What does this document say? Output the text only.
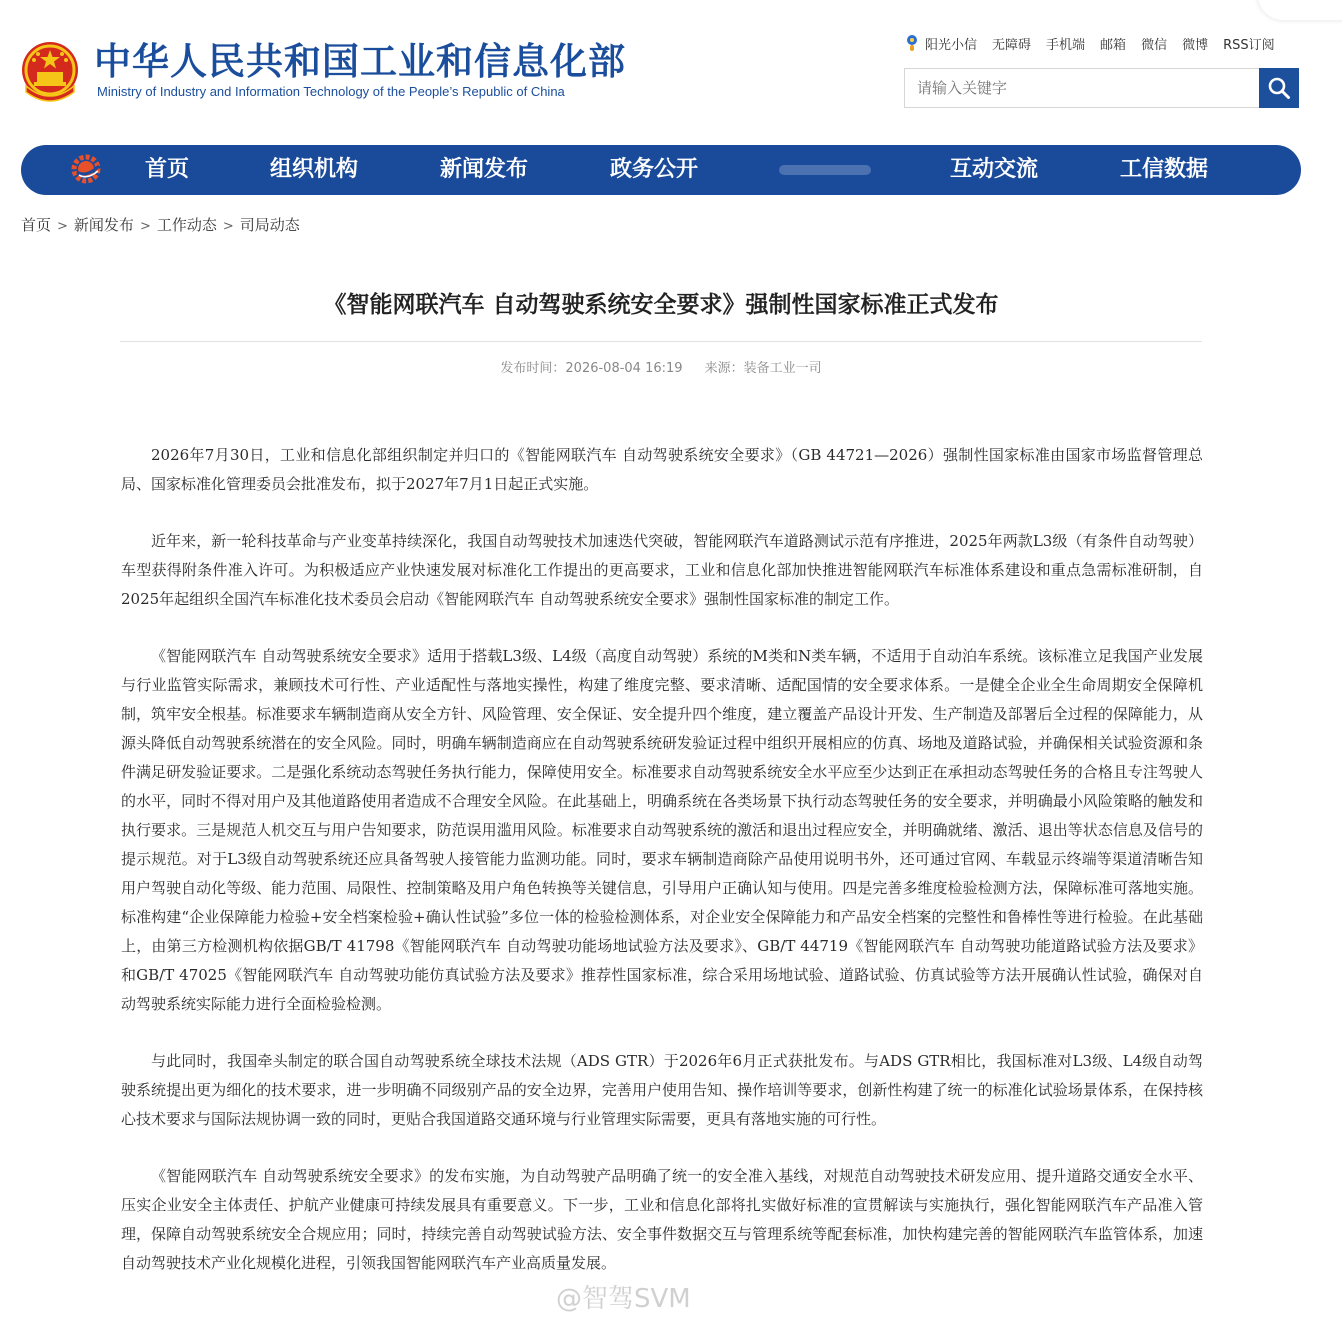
中华人民共和国工业和信息化部
Ministry of Industry and Information Technology of the People’s Republic of China
阳光小信 无障碍 手机端 邮箱 微信 微博 RSS订阅
请输入关键字
首页	组织机构	新闻发布	政务公开	互动交流	工信数据
首页 > 新闻发布 > 工作动态 > 司局动态
《智能网联汽车 自动驾驶系统安全要求》强制性国家标准正式发布
发布时间：2026-08-04 16:19 来源：装备工业一司

2026年7月30日，工业和信息化部组织制定并归口的《智能网联汽车 自动驾驶系统安全要求》（GB 44721—2026）强制性国家标准由国家市场监督管理总局、国家标准化管理委员会批准发布，拟于2027年7月1日起正式实施。

近年来，新一轮科技革命与产业变革持续深化，我国自动驾驶技术加速迭代突破，智能网联汽车道路测试示范有序推进，2025年两款L3级（有条件自动驾驶）车型获得附条件准入许可。为积极适应产业快速发展对标准化工作提出的更高要求，工业和信息化部加快推进智能网联汽车标准体系建设和重点急需标准研制，自2025年起组织全国汽车标准化技术委员会启动《智能网联汽车 自动驾驶系统安全要求》强制性国家标准的制定工作。

《智能网联汽车 自动驾驶系统安全要求》适用于搭载L3级、L4级（高度自动驾驶）系统的M类和N类车辆，不适用于自动泊车系统。该标准立足我国产业发展与行业监管实际需求，兼顾技术可行性、产业适配性与落地实操性，构建了维度完整、要求清晰、适配国情的安全要求体系。一是健全企业全生命周期安全保障机制，筑牢安全根基。标准要求车辆制造商从安全方针、风险管理、安全保证、安全提升四个维度，建立覆盖产品设计开发、生产制造及部署后全过程的保障能力，从源头降低自动驾驶系统潜在的安全风险。同时，明确车辆制造商应在自动驾驶系统研发验证过程中组织开展相应的仿真、场地及道路试验，并确保相关试验资源和条件满足研发验证要求。二是强化系统动态驾驶任务执行能力，保障使用安全。标准要求自动驾驶系统安全水平应至少达到正在承担动态驾驶任务的合格且专注驾驶人的水平，同时不得对用户及其他道路使用者造成不合理安全风险。在此基础上，明确系统在各类场景下执行动态驾驶任务的安全要求，并明确最小风险策略的触发和执行要求。三是规范人机交互与用户告知要求，防范误用滥用风险。标准要求自动驾驶系统的激活和退出过程应安全，并明确就绪、激活、退出等状态信息及信号的提示规范。对于L3级自动驾驶系统还应具备驾驶人接管能力监测功能。同时，要求车辆制造商除产品使用说明书外，还可通过官网、车载显示终端等渠道清晰告知用户驾驶自动化等级、能力范围、局限性、控制策略及用户角色转换等关键信息，引导用户正确认知与使用。四是完善多维度检验检测方法，保障标准可落地实施。标准构建“企业保障能力检验+安全档案检验+确认性试验”多位一体的检验检测体系，对企业安全保障能力和产品安全档案的完整性和鲁棒性等进行检验。在此基础上，由第三方检测机构依据GB/T 41798《智能网联汽车 自动驾驶功能场地试验方法及要求》、GB/T 44719《智能网联汽车 自动驾驶功能道路试验方法及要求》和GB/T 47025《智能网联汽车 自动驾驶功能仿真试验方法及要求》推荐性国家标准，综合采用场地试验、道路试验、仿真试验等方法开展确认性试验，确保对自动驾驶系统实际能力进行全面检验检测。

与此同时，我国牵头制定的联合国自动驾驶系统全球技术法规（ADS GTR）于2026年6月正式获批发布。与ADS GTR相比，我国标准对L3级、L4级自动驾驶系统提出更为细化的技术要求，进一步明确不同级别产品的安全边界，完善用户使用告知、操作培训等要求，创新性构建了统一的标准化试验场景体系，在保持核心技术要求与国际法规协调一致的同时，更贴合我国道路交通环境与行业管理实际需要，更具有落地实施的可行性。

《智能网联汽车 自动驾驶系统安全要求》的发布实施，为自动驾驶产品明确了统一的安全准入基线，对规范自动驾驶技术研发应用、提升道路交通安全水平、压实企业安全主体责任、护航产业健康可持续发展具有重要意义。下一步，工业和信息化部将扎实做好标准的宣贯解读与实施执行，强化智能网联汽车产品准入管理，保障自动驾驶系统安全合规应用；同时，持续完善自动驾驶试验方法、安全事件数据交互与管理系统等配套标准，加快构建完善的智能网联汽车监管体系，加速自动驾驶技术产业化规模化进程，引领我国智能网联汽车产业高质量发展。

@智驾SVM
